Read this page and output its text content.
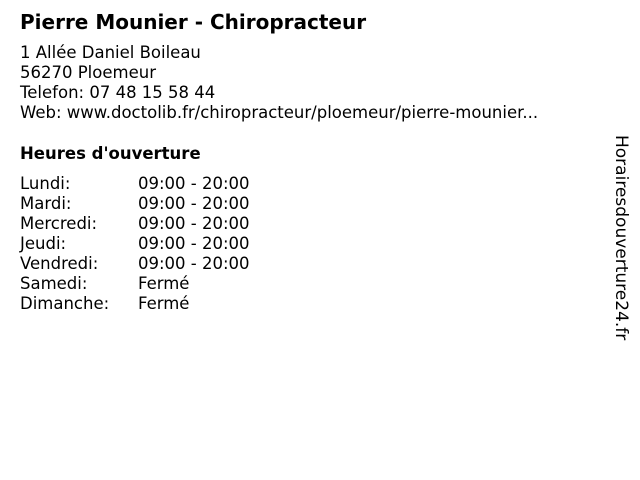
Pierre Mounier - Chiropracteur
1 Allée Daniel Boileau
56270 Ploemeur
Telefon: 07 48 15 58 44
Web: www.doctolib.fr/chiropracteur/ploemeur/pierre-mounier...
Heures d'ouverture
Lundi:	09:00 - 20:00
Mardi:	09:00 - 20:00
Mercredi: 09:00 - 20:00
Jeudi:	09:00 - 20:00
Vendredi: 09:00 - 20:00
Samedi:	Fermé
Dimanche: Fermé	Horairesdouverture24.fr
